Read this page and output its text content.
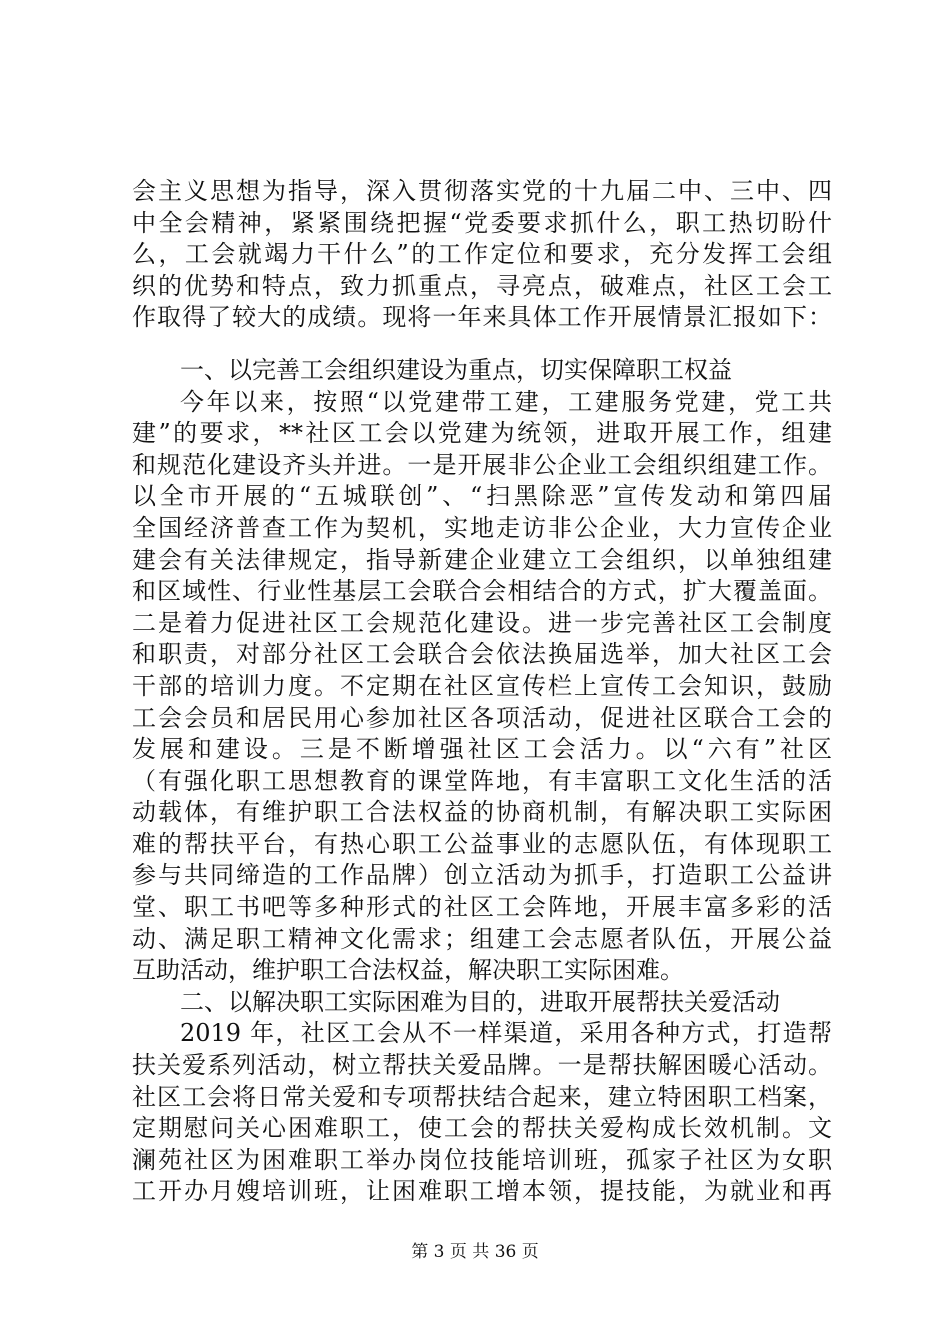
会主义思想为指导，深入贯彻落实党的十九届二中、三中、四
中全会精神，紧紧围绕把握“党委要求抓什么，职工热切盼什
么，工会就竭力干什么”的工作定位和要求，充分发挥工会组
织的优势和特点，致力抓重点，寻亮点，破难点，社区工会工
作取得了较大的成绩。现将一年来具体工作开展情景汇报如下：
一、以完善工会组织建设为重点，切实保障职工权益
今年以来，按照“以党建带工建，工建服务党建，党工共
建”的要求，**社区工会以党建为统领，进取开展工作，组建
和规范化建设齐头并进。一是开展非公企业工会组织组建工作。
以全市开展的“五城联创”、“扫黑除恶”宣传发动和第四届
全国经济普查工作为契机，实地走访非公企业，大力宣传企业
建会有关法律规定，指导新建企业建立工会组织，以单独组建
和区域性、行业性基层工会联合会相结合的方式，扩大覆盖面。
二是着力促进社区工会规范化建设。进一步完善社区工会制度
和职责，对部分社区工会联合会依法换届选举，加大社区工会
干部的培训力度。不定期在社区宣传栏上宣传工会知识，鼓励
工会会员和居民用心参加社区各项活动，促进社区联合工会的
发展和建设。三是不断增强社区工会活力。以“六有”社区
（有强化职工思想教育的课堂阵地，有丰富职工文化生活的活
动载体，有维护职工合法权益的协商机制，有解决职工实际困
难的帮扶平台，有热心职工公益事业的志愿队伍，有体现职工
参与共同缔造的工作品牌）创立活动为抓手，打造职工公益讲
堂、职工书吧等多种形式的社区工会阵地，开展丰富多彩的活
动、满足职工精神文化需求；组建工会志愿者队伍，开展公益
互助活动，维护职工合法权益，解决职工实际困难。
二、以解决职工实际困难为目的，进取开展帮扶关爱活动
2019 年，社区工会从不一样渠道，采用各种方式，打造帮
扶关爱系列活动，树立帮扶关爱品牌。一是帮扶解困暖心活动。
社区工会将日常关爱和专项帮扶结合起来，建立特困职工档案，
定期慰问关心困难职工，使工会的帮扶关爱构成长效机制。文
澜苑社区为困难职工举办岗位技能培训班，孤家子社区为女职
工开办月嫂培训班，让困难职工增本领，提技能，为就业和再
第 3 页 共 36 页
